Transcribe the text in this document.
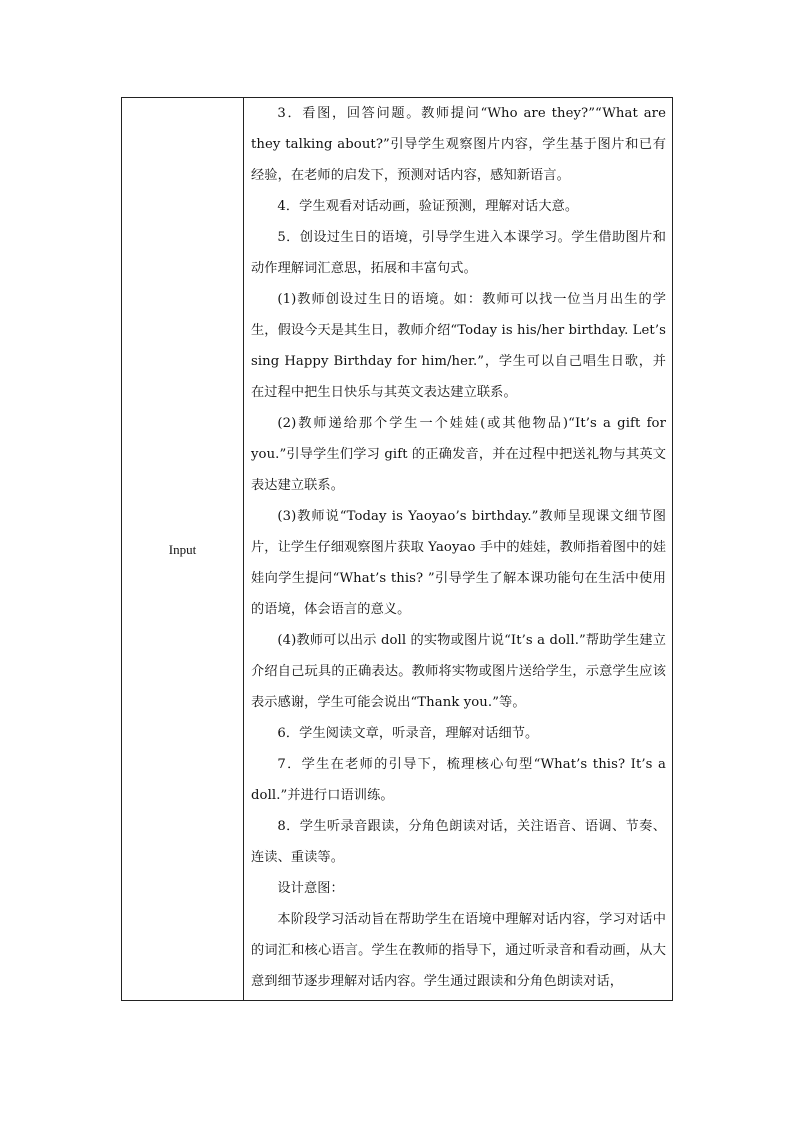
Input

3．看图，回答问题。教师提问“Who are they?”“What are they talking about?”引导学生观察图片内容，学生基于图片和已有经验，在老师的启发下，预测对话内容，感知新语言。

4．学生观看对话动画，验证预测，理解对话大意。

5．创设过生日的语境，引导学生进入本课学习。学生借助图片和动作理解词汇意思，拓展和丰富句式。

(1)教师创设过生日的语境。如：教师可以找一位当月出生的学生，假设今天是其生日，教师介绍“Today is his/her birthday. Let’s sing Happy Birthday for him/her.”，学生可以自己唱生日歌，并在过程中把生日快乐与其英文表达建立联系。

(2)教师递给那个学生一个娃娃(或其他物品)“It’s a gift for you.”引导学生们学习 gift 的正确发音，并在过程中把送礼物与其英文表达建立联系。

(3)教师说“Today is Yaoyao’s birthday.”教师呈现课文细节图片，让学生仔细观察图片获取 Yaoyao 手中的娃娃，教师指着图中的娃娃向学生提问“What’s this? ”引导学生了解本课功能句在生活中使用的语境，体会语言的意义。

(4)教师可以出示 doll 的实物或图片说“It’s a doll.”帮助学生建立介绍自己玩具的正确表达。教师将实物或图片送给学生，示意学生应该表示感谢，学生可能会说出“Thank you.”等。

6．学生阅读文章，听录音，理解对话细节。

7．学生在老师的引导下，梳理核心句型“What’s this? It’s a doll.”并进行口语训练。

8．学生听录音跟读，分角色朗读对话，关注语音、语调、节奏、连读、重读等。

设计意图：

本阶段学习活动旨在帮助学生在语境中理解对话内容，学习对话中的词汇和核心语言。学生在教师的指导下，通过听录音和看动画，从大意到细节逐步理解对话内容。学生通过跟读和分角色朗读对话，
